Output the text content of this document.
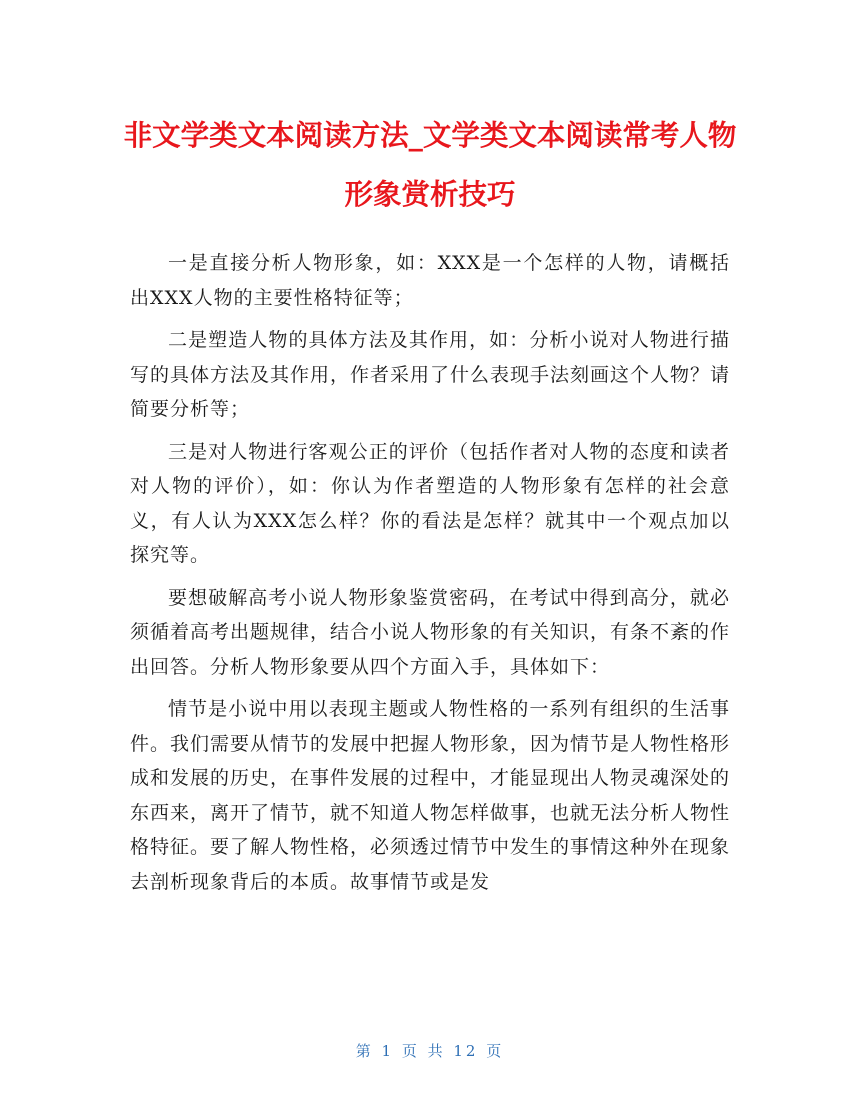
非文学类文本阅读方法_文学类文本阅读常考人物形象赏析技巧

一是直接分析人物形象，如：XXX是一个怎样的人物，请概括出XXX人物的主要性格特征等；

二是塑造人物的具体方法及其作用，如：分析小说对人物进行描写的具体方法及其作用，作者采用了什么表现手法刻画这个人物？请简要分析等；

三是对人物进行客观公正的评价（包括作者对人物的态度和读者对人物的评价），如：你认为作者塑造的人物形象有怎样的社会意义，有人认为XXX怎么样？你的看法是怎样？就其中一个观点加以探究等。

要想破解高考小说人物形象鉴赏密码，在考试中得到高分，就必须循着高考出题规律，结合小说人物形象的有关知识，有条不紊的作出回答。分析人物形象要从四个方面入手，具体如下：

情节是小说中用以表现主题或人物性格的一系列有组织的生活事件。我们需要从情节的发展中把握人物形象，因为情节是人物性格形成和发展的历史，在事件发展的过程中，才能显现出人物灵魂深处的东西来，离开了情节，就不知道人物怎样做事，也就无法分析人物性格特征。要了解人物性格，必须透过情节中发生的事情这种外在现象去剖析现象背后的本质。故事情节或是发

第 1 页 共 12 页
